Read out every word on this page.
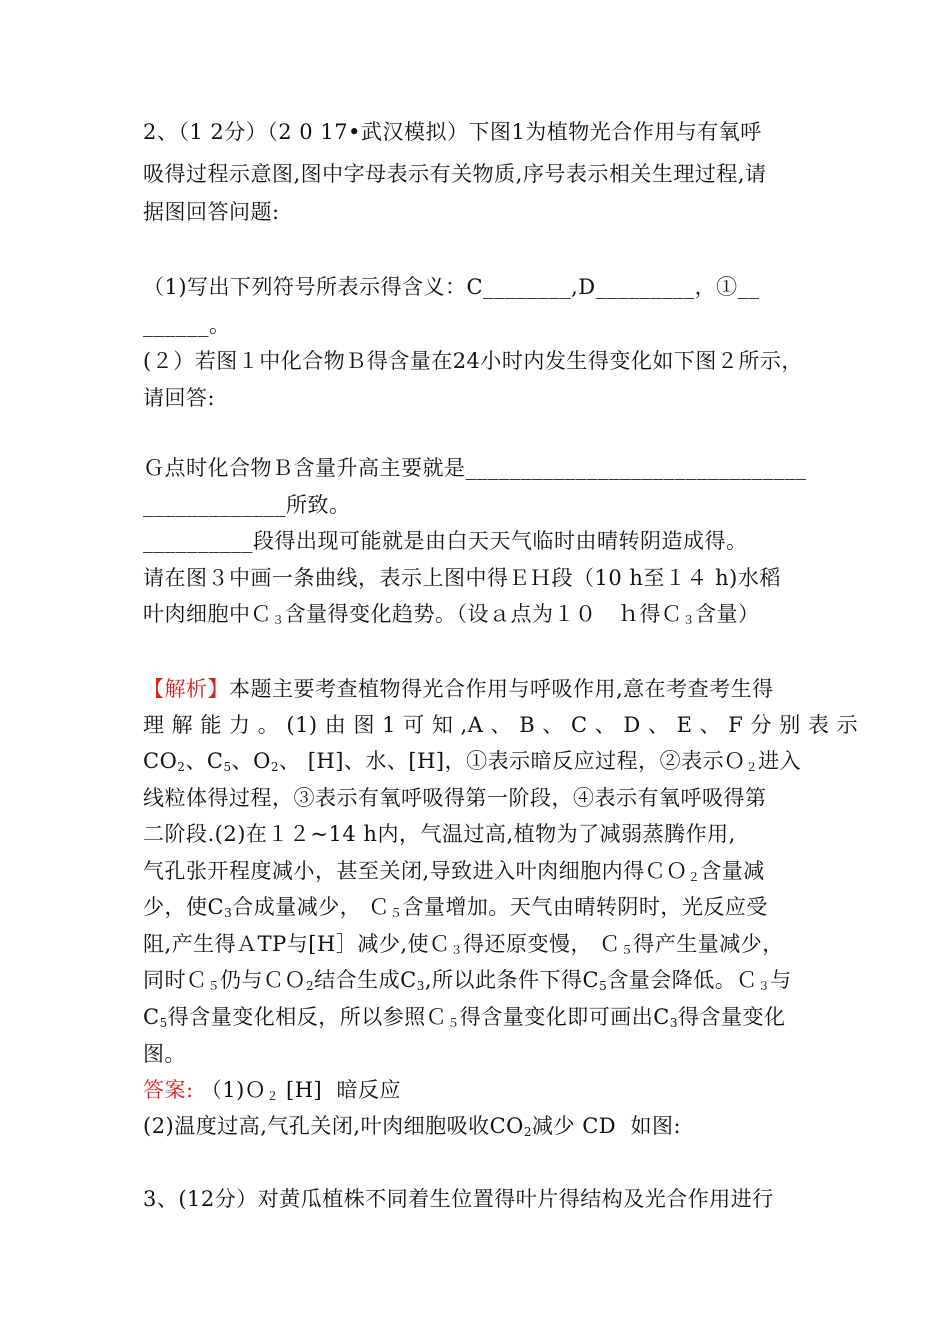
2、（1 2分）（2 0 17•武汉模拟）下图1为植物光合作用与有氧呼
吸得过程示意图,图中字母表示有关物质,序号表示相关生理过程,请
据图回答问题:
（1)写出下列符号所表示得含义：C________,D_________，①__
______。
(２）若图１中化合物Ｂ得含量在24小时内发生得变化如下图２所示，
请回答:
Ｇ点时化合物Ｂ含量升高主要就是_______________________________
_____________所致。
__________段得出现可能就是由白天天气临时由晴转阴造成得。
请在图３中画一条曲线，表示上图中得ＥＨ段（10 h至１４ h)水稻
叶肉细胞中Ｃ$_3$含量得变化趋势。（设ａ点为１０　ｈ得Ｃ$_3$含量）
【解析】本题主要考查植物得光合作用与呼吸作用,意在考查考生得
理 解 能 力 。 (1) 由 图 1 可 知 ,A 、 B 、 C 、 D 、 E 、 F 分 别 表 示
$CO_2$、$C_5$、$O_2$、 [H]、水、[H]，①表示暗反应过程，②表示Ｏ$_2$进入
线粒体得过程，③表示有氧呼吸得第一阶段，④表示有氧呼吸得第
二阶段.(2)在１２~14 h内，气温过高,植物为了减弱蒸腾作用,
气孔张开程度减小，甚至关闭,导致进入叶肉细胞内得ＣＯ$_2$含量减
少，使$C_3$合成量减少， Ｃ$_5$含量增加。天气由晴转阴时，光反应受
阻,产生得ＡTP与[H］减少,使Ｃ$_3$得还原变慢， Ｃ$_5$得产生量减少，
同时Ｃ$_5$仍与ＣＯ$_2$结合生成$C_3$,所以此条件下得$C_5$含量会降低。Ｃ$_3$与
$C_5$得含量变化相反，所以参照Ｃ$_5$得含量变化即可画出$C_3$得含量变化
图。
答案: （1)Ｏ$_2$ [H]  暗反应
(2)温度过高,气孔关闭,叶肉细胞吸收$CO_2$减少 CD  如图:
3、(12分）对黄瓜植株不同着生位置得叶片得结构及光合作用进行
